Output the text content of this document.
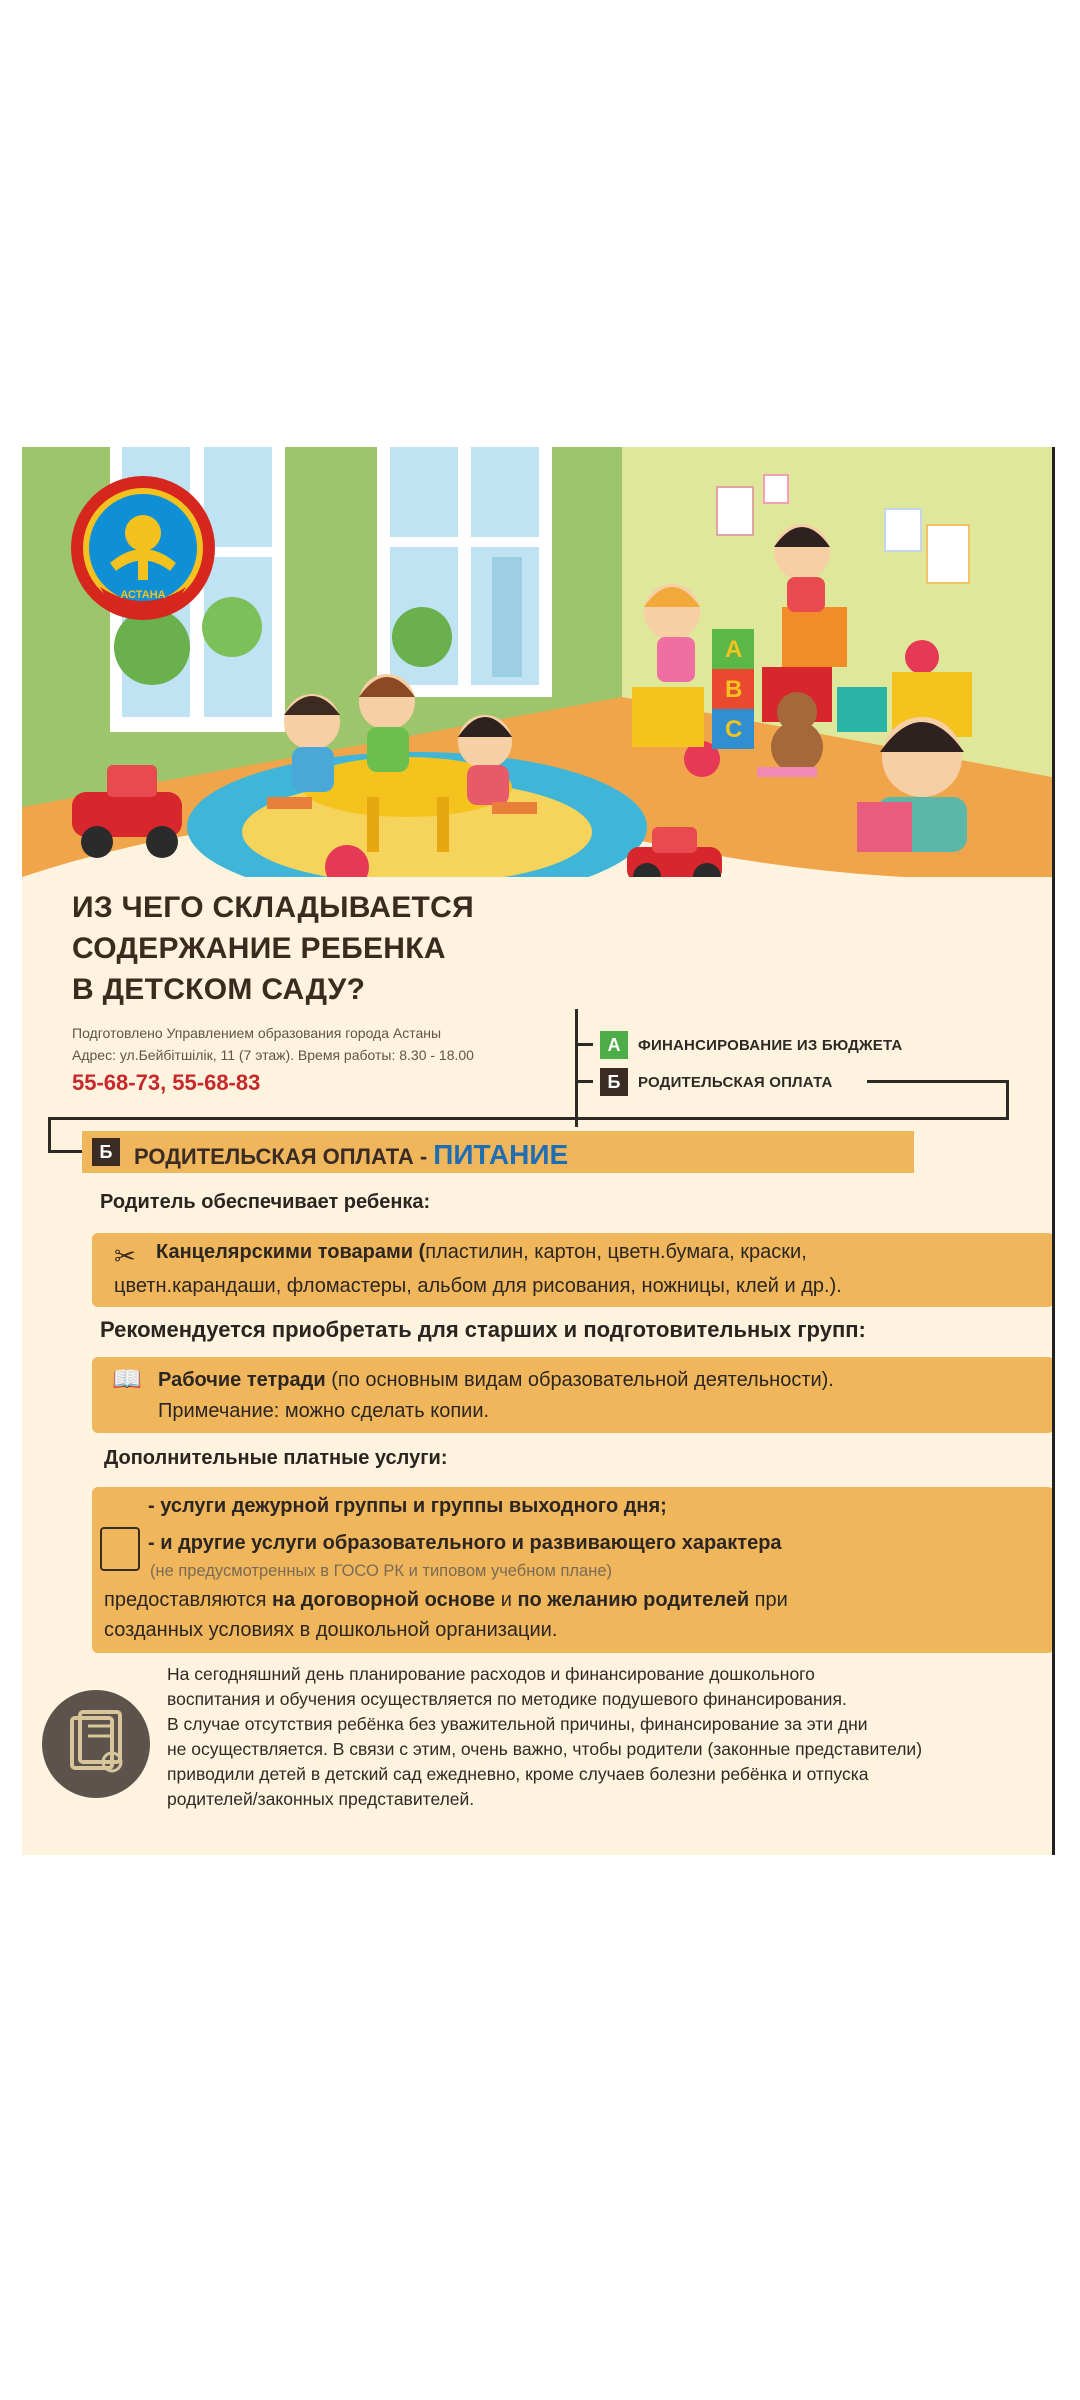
C
B
A
АСТАНА
ИЗ ЧЕГО СКЛАДЫВАЕТСЯ
СОДЕРЖАНИЕ РЕБЕНКА
В ДЕТСКОМ САДУ?
Подготовлено Управлением образования города Астаны
Адрес: ул.Бейбітшілік, 11 (7 этаж). Время работы: 8.30 - 18.00
55-68-73, 55-68-83
А	ФИНАНСИРОВАНИЕ ИЗ БЮДЖЕТА
Б	РОДИТЕЛЬСКАЯ ОПЛАТА
Б РОДИТЕЛЬСКАЯ ОПЛАТА - ПИТАНИЕ
Родитель обеспечивает ребенка:
✂ Канцелярскими товарами (пластилин, картон, цветн.бумага, краски,
цветн.карандаши, фломастеры, альбом для рисования, ножницы, клей и др.).
Рекомендуется приобретать для старших и подготовительных групп:
📖 Рабочие тетради (по основным видам образовательной деятельности).
Примечание: можно сделать копии.
Дополнительные платные услуги:
- услуги дежурной группы и группы выходного дня;
- и другие услуги образовательного и развивающего характера
(не предусмотренных в ГОСО РК и типовом учебном плане)
предоставляются на договорной основе и по желанию родителей при
созданных условиях в дошкольной организации.
На сегодняшний день планирование расходов и финансирование дошкольного
воспитания и обучения осуществляется по методике подушевого финансирования.
В случае отсутствия ребёнка без уважительной причины, финансирование за эти дни
не осуществляется. В связи с этим, очень важно, чтобы родители (законные представители)
приводили детей в детский сад ежедневно, кроме случаев болезни ребёнка и отпуска
родителей/законных представителей.
